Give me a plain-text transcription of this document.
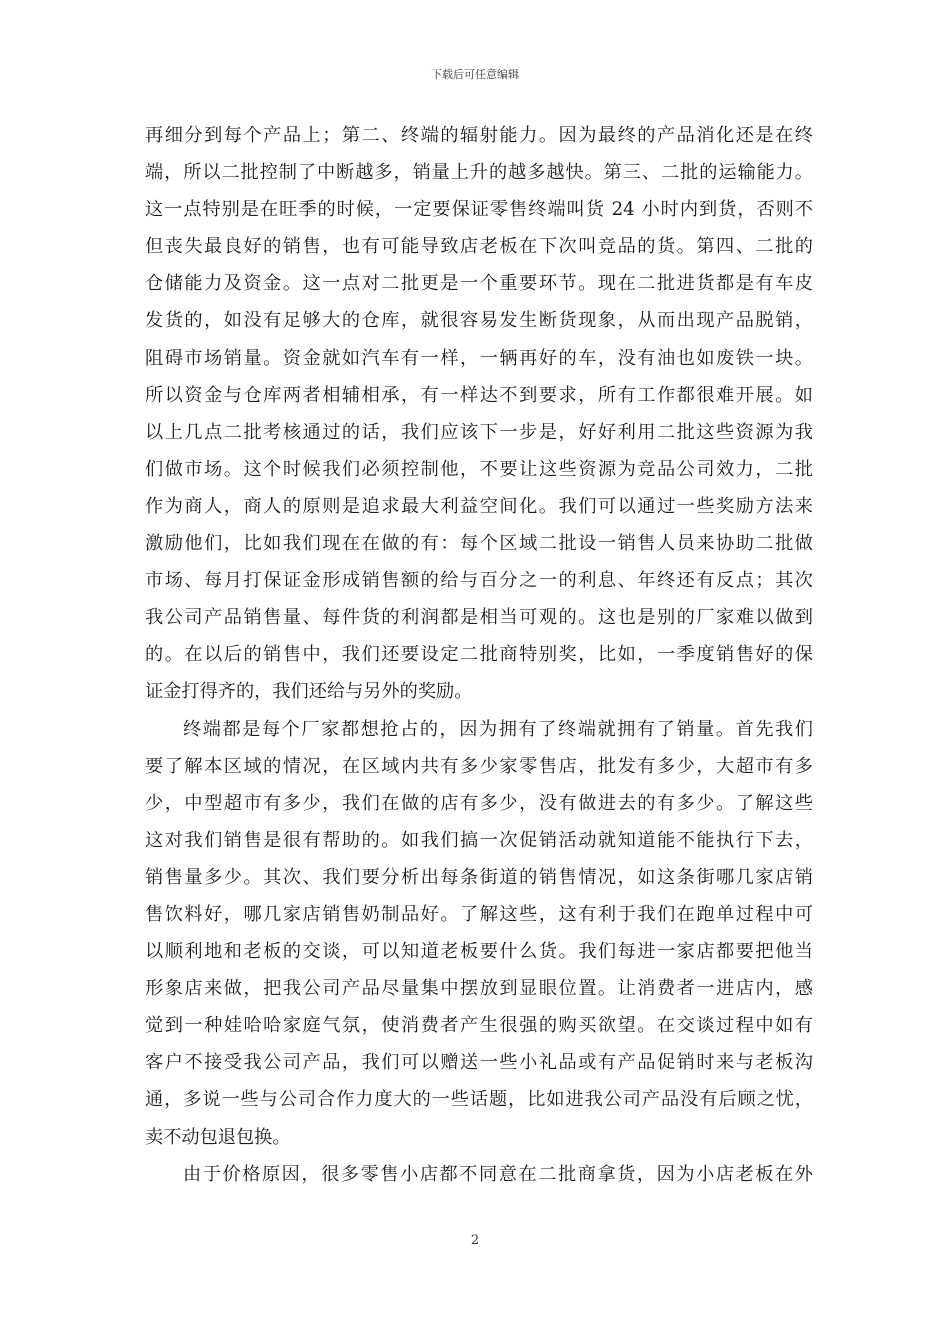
下载后可任意编辑
再细分到每个产品上；第二、终端的辐射能力。因为最终的产品消化还是在终
端，所以二批控制了中断越多，销量上升的越多越快。第三、二批的运输能力。
这一点特别是在旺季的时候，一定要保证零售终端叫货 24 小时内到货，否则不
但丧失最良好的销售，也有可能导致店老板在下次叫竞品的货。第四、二批的
仓储能力及资金。这一点对二批更是一个重要环节。现在二批进货都是有车皮
发货的，如没有足够大的仓库，就很容易发生断货现象，从而出现产品脱销，
阻碍市场销量。资金就如汽车有一样，一辆再好的车，没有油也如废铁一块。
所以资金与仓库两者相辅相承，有一样达不到要求，所有工作都很难开展。如
以上几点二批考核通过的话，我们应该下一步是，好好利用二批这些资源为我
们做市场。这个时候我们必须控制他，不要让这些资源为竞品公司效力，二批
作为商人，商人的原则是追求最大利益空间化。我们可以通过一些奖励方法来
激励他们，比如我们现在在做的有：每个区域二批设一销售人员来协助二批做
市场、每月打保证金形成销售额的给与百分之一的利息、年终还有反点；其次
我公司产品销售量、每件货的利润都是相当可观的。这也是别的厂家难以做到
的。在以后的销售中，我们还要设定二批商特别奖，比如，一季度销售好的保
证金打得齐的，我们还给与另外的奖励。
终端都是每个厂家都想抢占的，因为拥有了终端就拥有了销量。首先我们
要了解本区域的情况，在区域内共有多少家零售店，批发有多少，大超市有多
少，中型超市有多少，我们在做的店有多少，没有做进去的有多少。了解这些
这对我们销售是很有帮助的。如我们搞一次促销活动就知道能不能执行下去，
销售量多少。其次、我们要分析出每条街道的销售情况，如这条街哪几家店销
售饮料好，哪几家店销售奶制品好。了解这些，这有利于我们在跑单过程中可
以顺利地和老板的交谈，可以知道老板要什么货。我们每进一家店都要把他当
形象店来做，把我公司产品尽量集中摆放到显眼位置。让消费者一进店内，感
觉到一种娃哈哈家庭气氛，使消费者产生很强的购买欲望。在交谈过程中如有
客户不接受我公司产品，我们可以赠送一些小礼品或有产品促销时来与老板沟
通，多说一些与公司合作力度大的一些话题，比如进我公司产品没有后顾之忧，
卖不动包退包换。
由于价格原因，很多零售小店都不同意在二批商拿货，因为小店老板在外
2
